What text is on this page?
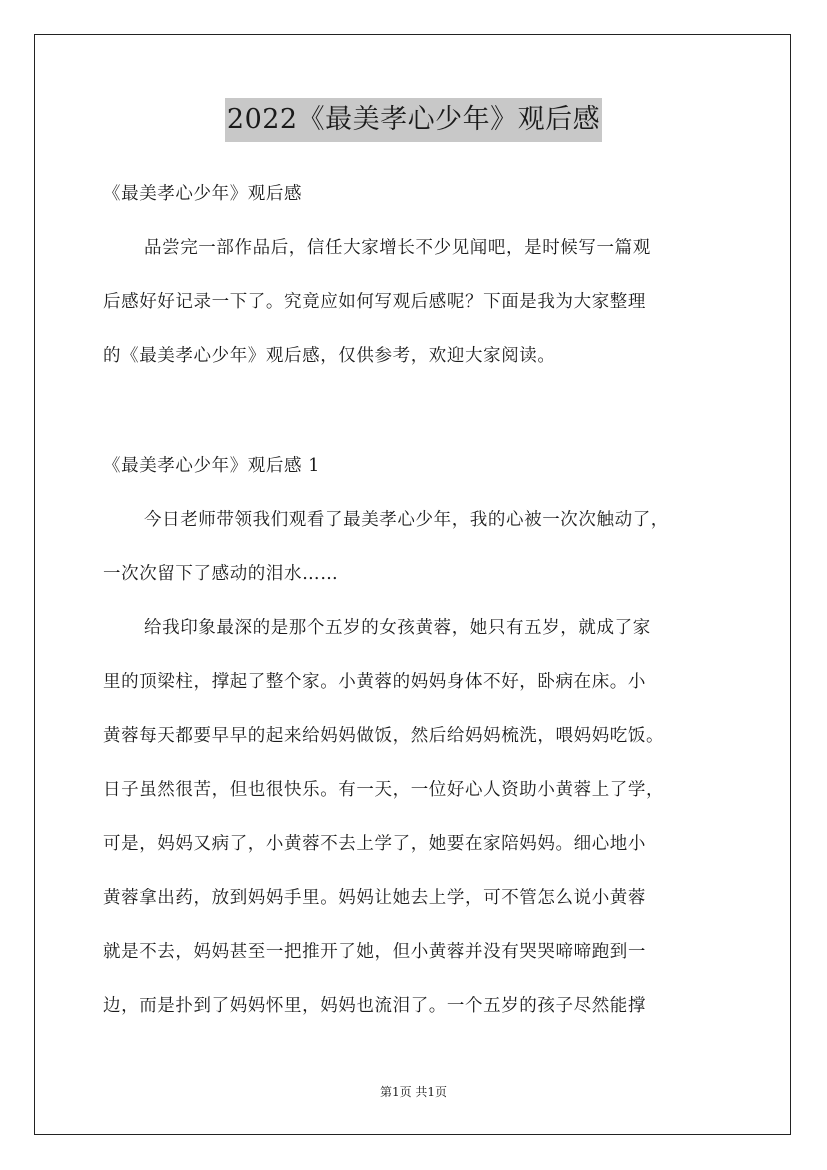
2022《最美孝心少年》观后感
《最美孝心少年》观后感
品尝完一部作品后，信任大家增长不少见闻吧，是时候写一篇观
后感好好记录一下了。究竟应如何写观后感呢？下面是我为大家整理
的《最美孝心少年》观后感，仅供参考，欢迎大家阅读。
《最美孝心少年》观后感 1
今日老师带领我们观看了最美孝心少年，我的心被一次次触动了，
一次次留下了感动的泪水……
给我印象最深的是那个五岁的女孩黄蓉，她只有五岁，就成了家
里的顶梁柱，撑起了整个家。小黄蓉的妈妈身体不好，卧病在床。小
黄蓉每天都要早早的起来给妈妈做饭，然后给妈妈梳洗，喂妈妈吃饭。
日子虽然很苦，但也很快乐。有一天，一位好心人资助小黄蓉上了学，
可是，妈妈又病了，小黄蓉不去上学了，她要在家陪妈妈。细心地小
黄蓉拿出药，放到妈妈手里。妈妈让她去上学，可不管怎么说小黄蓉
就是不去，妈妈甚至一把推开了她，但小黄蓉并没有哭哭啼啼跑到一
边，而是扑到了妈妈怀里，妈妈也流泪了。一个五岁的孩子尽然能撑
第1页 共1页
